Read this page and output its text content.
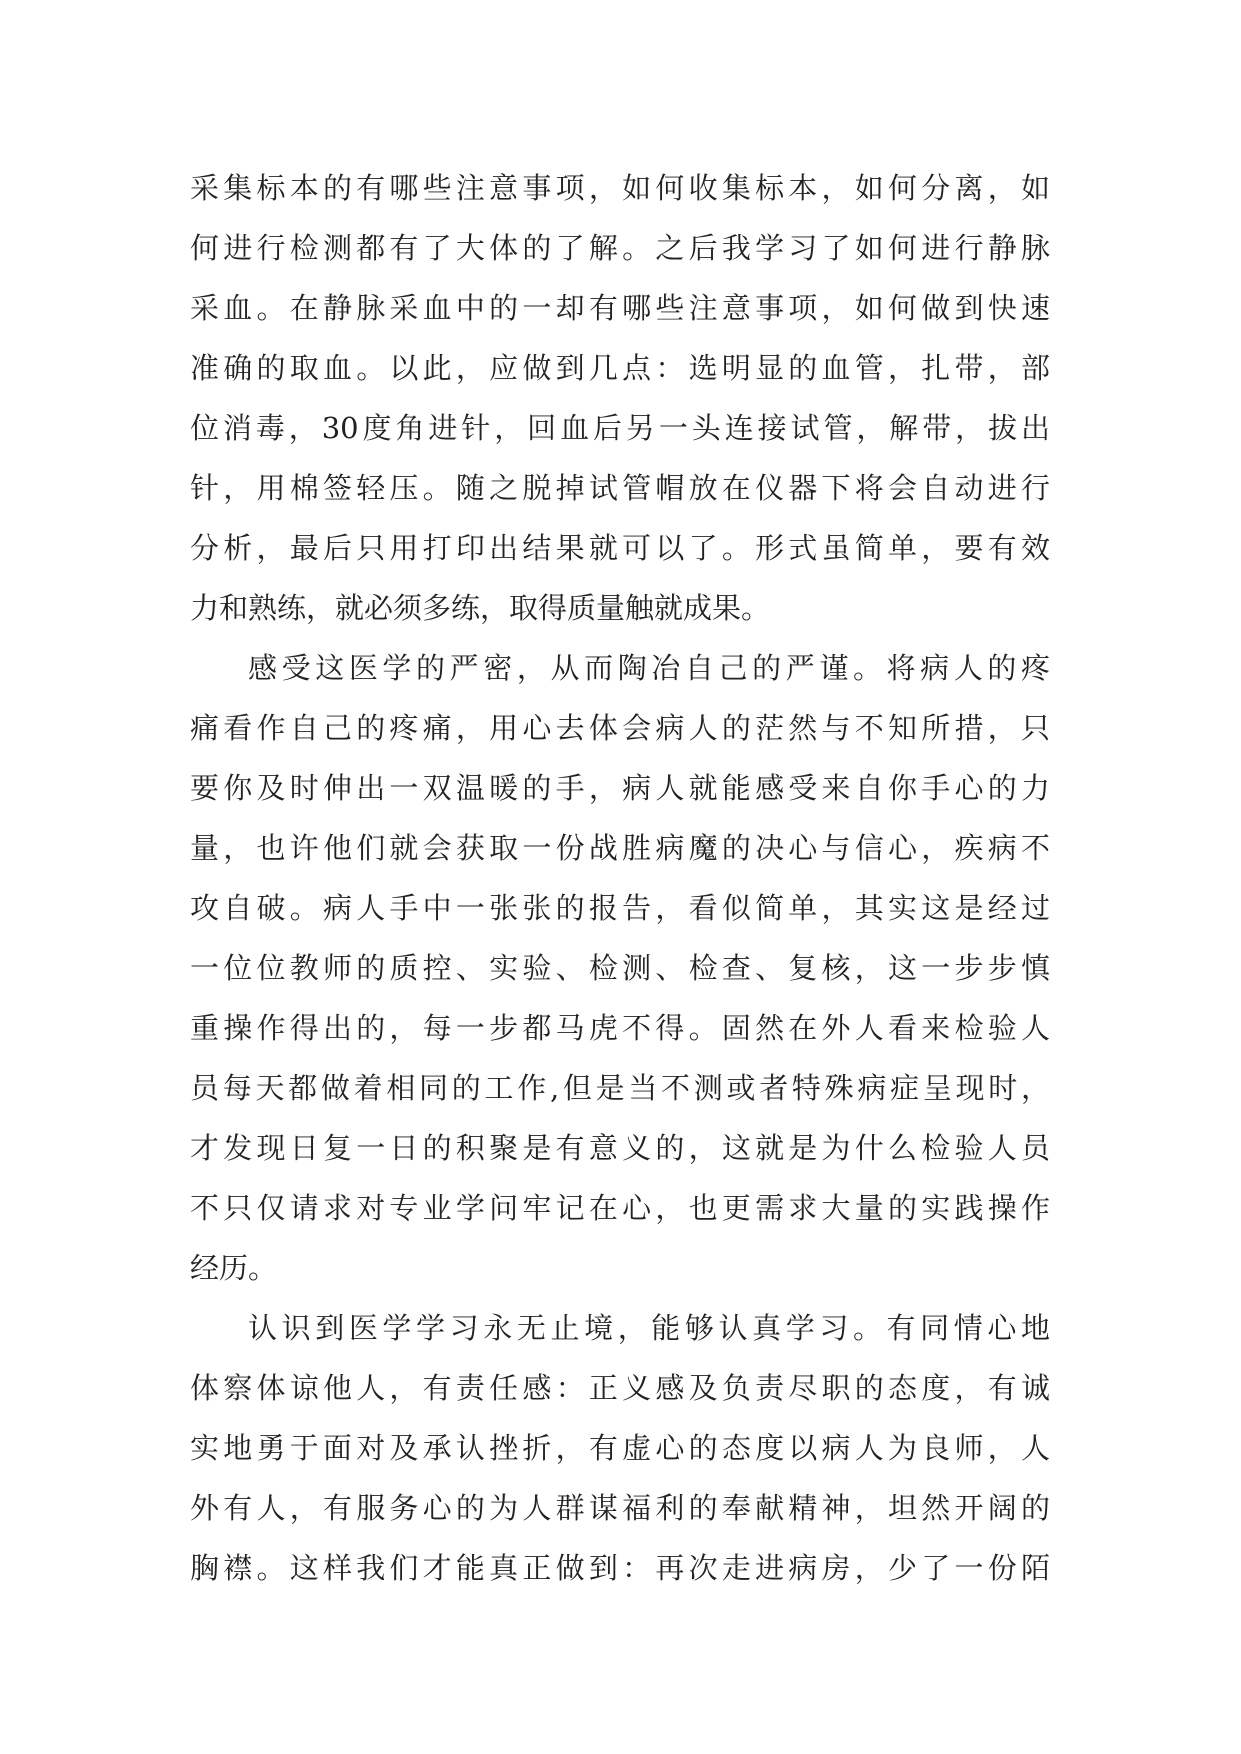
采集标本的有哪些注意事项，如何收集标本，如何分离，如
何进行检测都有了大体的了解。之后我学习了如何进行静脉
采血。在静脉采血中的一却有哪些注意事项，如何做到快速
准确的取血。以此，应做到几点：选明显的血管，扎带，部
位消毒，30度角进针，回血后另一头连接试管，解带，拔出
针，用棉签轻压。随之脱掉试管帽放在仪器下将会自动进行
分析，最后只用打印出结果就可以了。形式虽简单，要有效
力和熟练，就必须多练，取得质量触就成果。
感受这医学的严密，从而陶冶自己的严谨。将病人的疼
痛看作自己的疼痛，用心去体会病人的茫然与不知所措，只
要你及时伸出一双温暖的手，病人就能感受来自你手心的力
量，也许他们就会获取一份战胜病魔的决心与信心，疾病不
攻自破。病人手中一张张的报告，看似简单，其实这是经过
一位位教师的质控、实验、检测、检查、复核，这一步步慎
重操作得出的，每一步都马虎不得。固然在外人看来检验人
员每天都做着相同的工作,但是当不测或者特殊病症呈现时，
才发现日复一日的积聚是有意义的，这就是为什么检验人员
不只仅请求对专业学问牢记在心，也更需求大量的实践操作
经历。
认识到医学学习永无止境，能够认真学习。有同情心地
体察体谅他人，有责任感：正义感及负责尽职的态度，有诚
实地勇于面对及承认挫折，有虚心的态度以病人为良师，人
外有人，有服务心的为人群谋福利的奉献精神，坦然开阔的
胸襟。这样我们才能真正做到：再次走进病房，少了一份陌
